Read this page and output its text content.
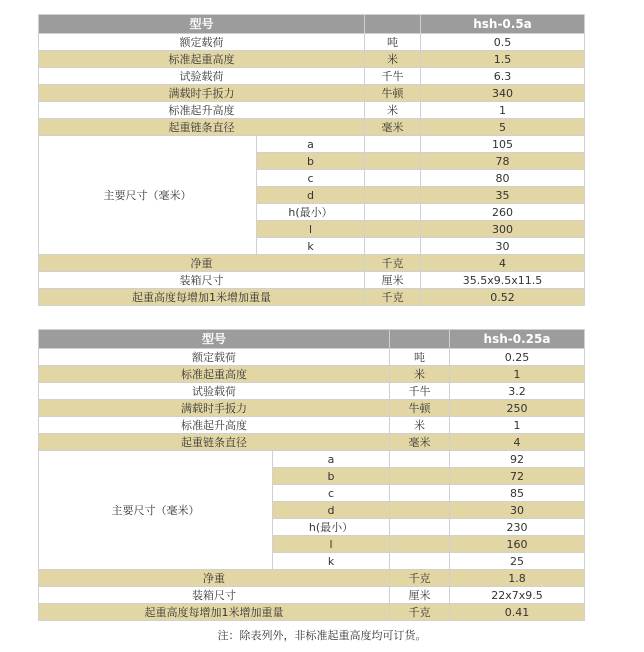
型号			hsh-0.5a
额定载荷		吨	0.5
标准起重高度		米	1.5
试验载荷		千牛	6.3
满载时手扳力		牛顿	340
标准起升高度		米	1
起重链条直径		毫米	5
主要尺寸（毫米）	a		105
	b		78
	c		80
	d		35
	h(最小）		260
	l		300
	k		30
净重		千克	4
装箱尺寸		厘米	35.5x9.5x11.5
起重高度每增加1米增加重量		千克	0.52
型号			hsh-0.25a
额定载荷		吨	0.25
标准起重高度		米	1
试验载荷		千牛	3.2
满载时手扳力		牛顿	250
标准起升高度		米	1
起重链条直径		毫米	4
主要尺寸（毫米）	a		92
	b		72
	c		85
	d		30
	h(最小）		230
	l		160
	k		25
净重		千克	1.8
装箱尺寸		厘米	22x7x9.5
起重高度每增加1米增加重量		千克	0.41
注：除表列外，非标准起重高度均可订货。
